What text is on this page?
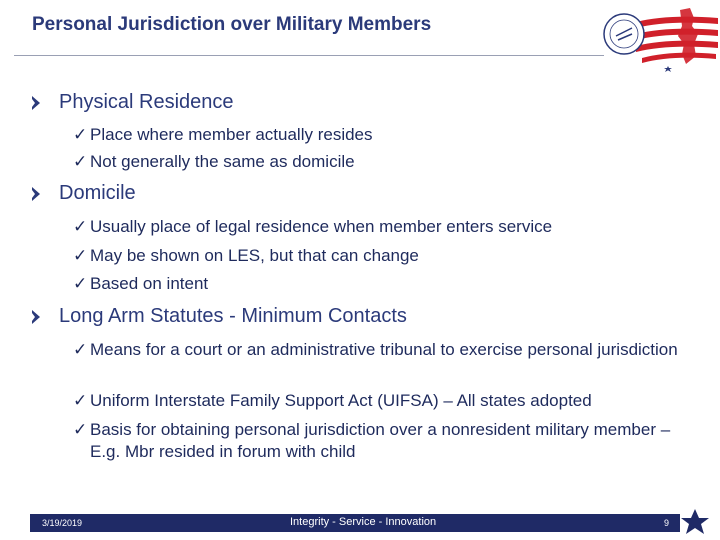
Personal Jurisdiction over Military Members
Physical Residence
✓ Place where member actually resides
✓ Not generally the same as domicile
Domicile
✓ Usually place of legal residence when member enters service
✓ May be shown on LES, but that can change
✓ Based on intent
Long Arm Statutes - Minimum Contacts
✓ Means for a court or an administrative tribunal to exercise personal jurisdiction
✓ Uniform Interstate Family Support Act (UIFSA) – All states adopted
✓ Basis for obtaining personal jurisdiction over a nonresident military member –E.g. Mbr resided in forum with child
3/19/2019	Integrity - Service - Innovation	9
